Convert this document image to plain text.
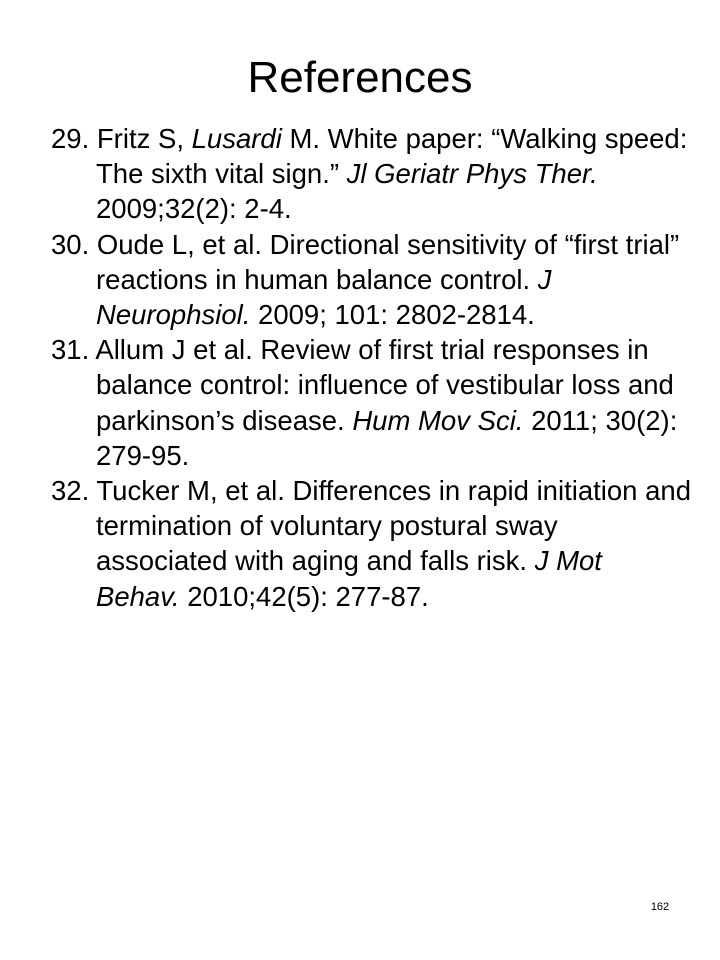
References
29. Fritz S, Lusardi M. White paper: “Walking speed: The sixth vital sign.” Jl Geriatr Phys Ther. 2009;32(2): 2-4.
30. Oude L, et al. Directional sensitivity of “first trial” reactions in human balance control. J Neurophsiol. 2009; 101: 2802-2814.
31. Allum J et al. Review of first trial responses in balance control: influence of vestibular loss and parkinson’s disease. Hum Mov Sci. 2011; 30(2): 279-95.
32. Tucker M, et al. Differences in rapid initiation and termination of voluntary postural sway associated with aging and falls risk. J Mot Behav. 2010;42(5): 277-87.
162
